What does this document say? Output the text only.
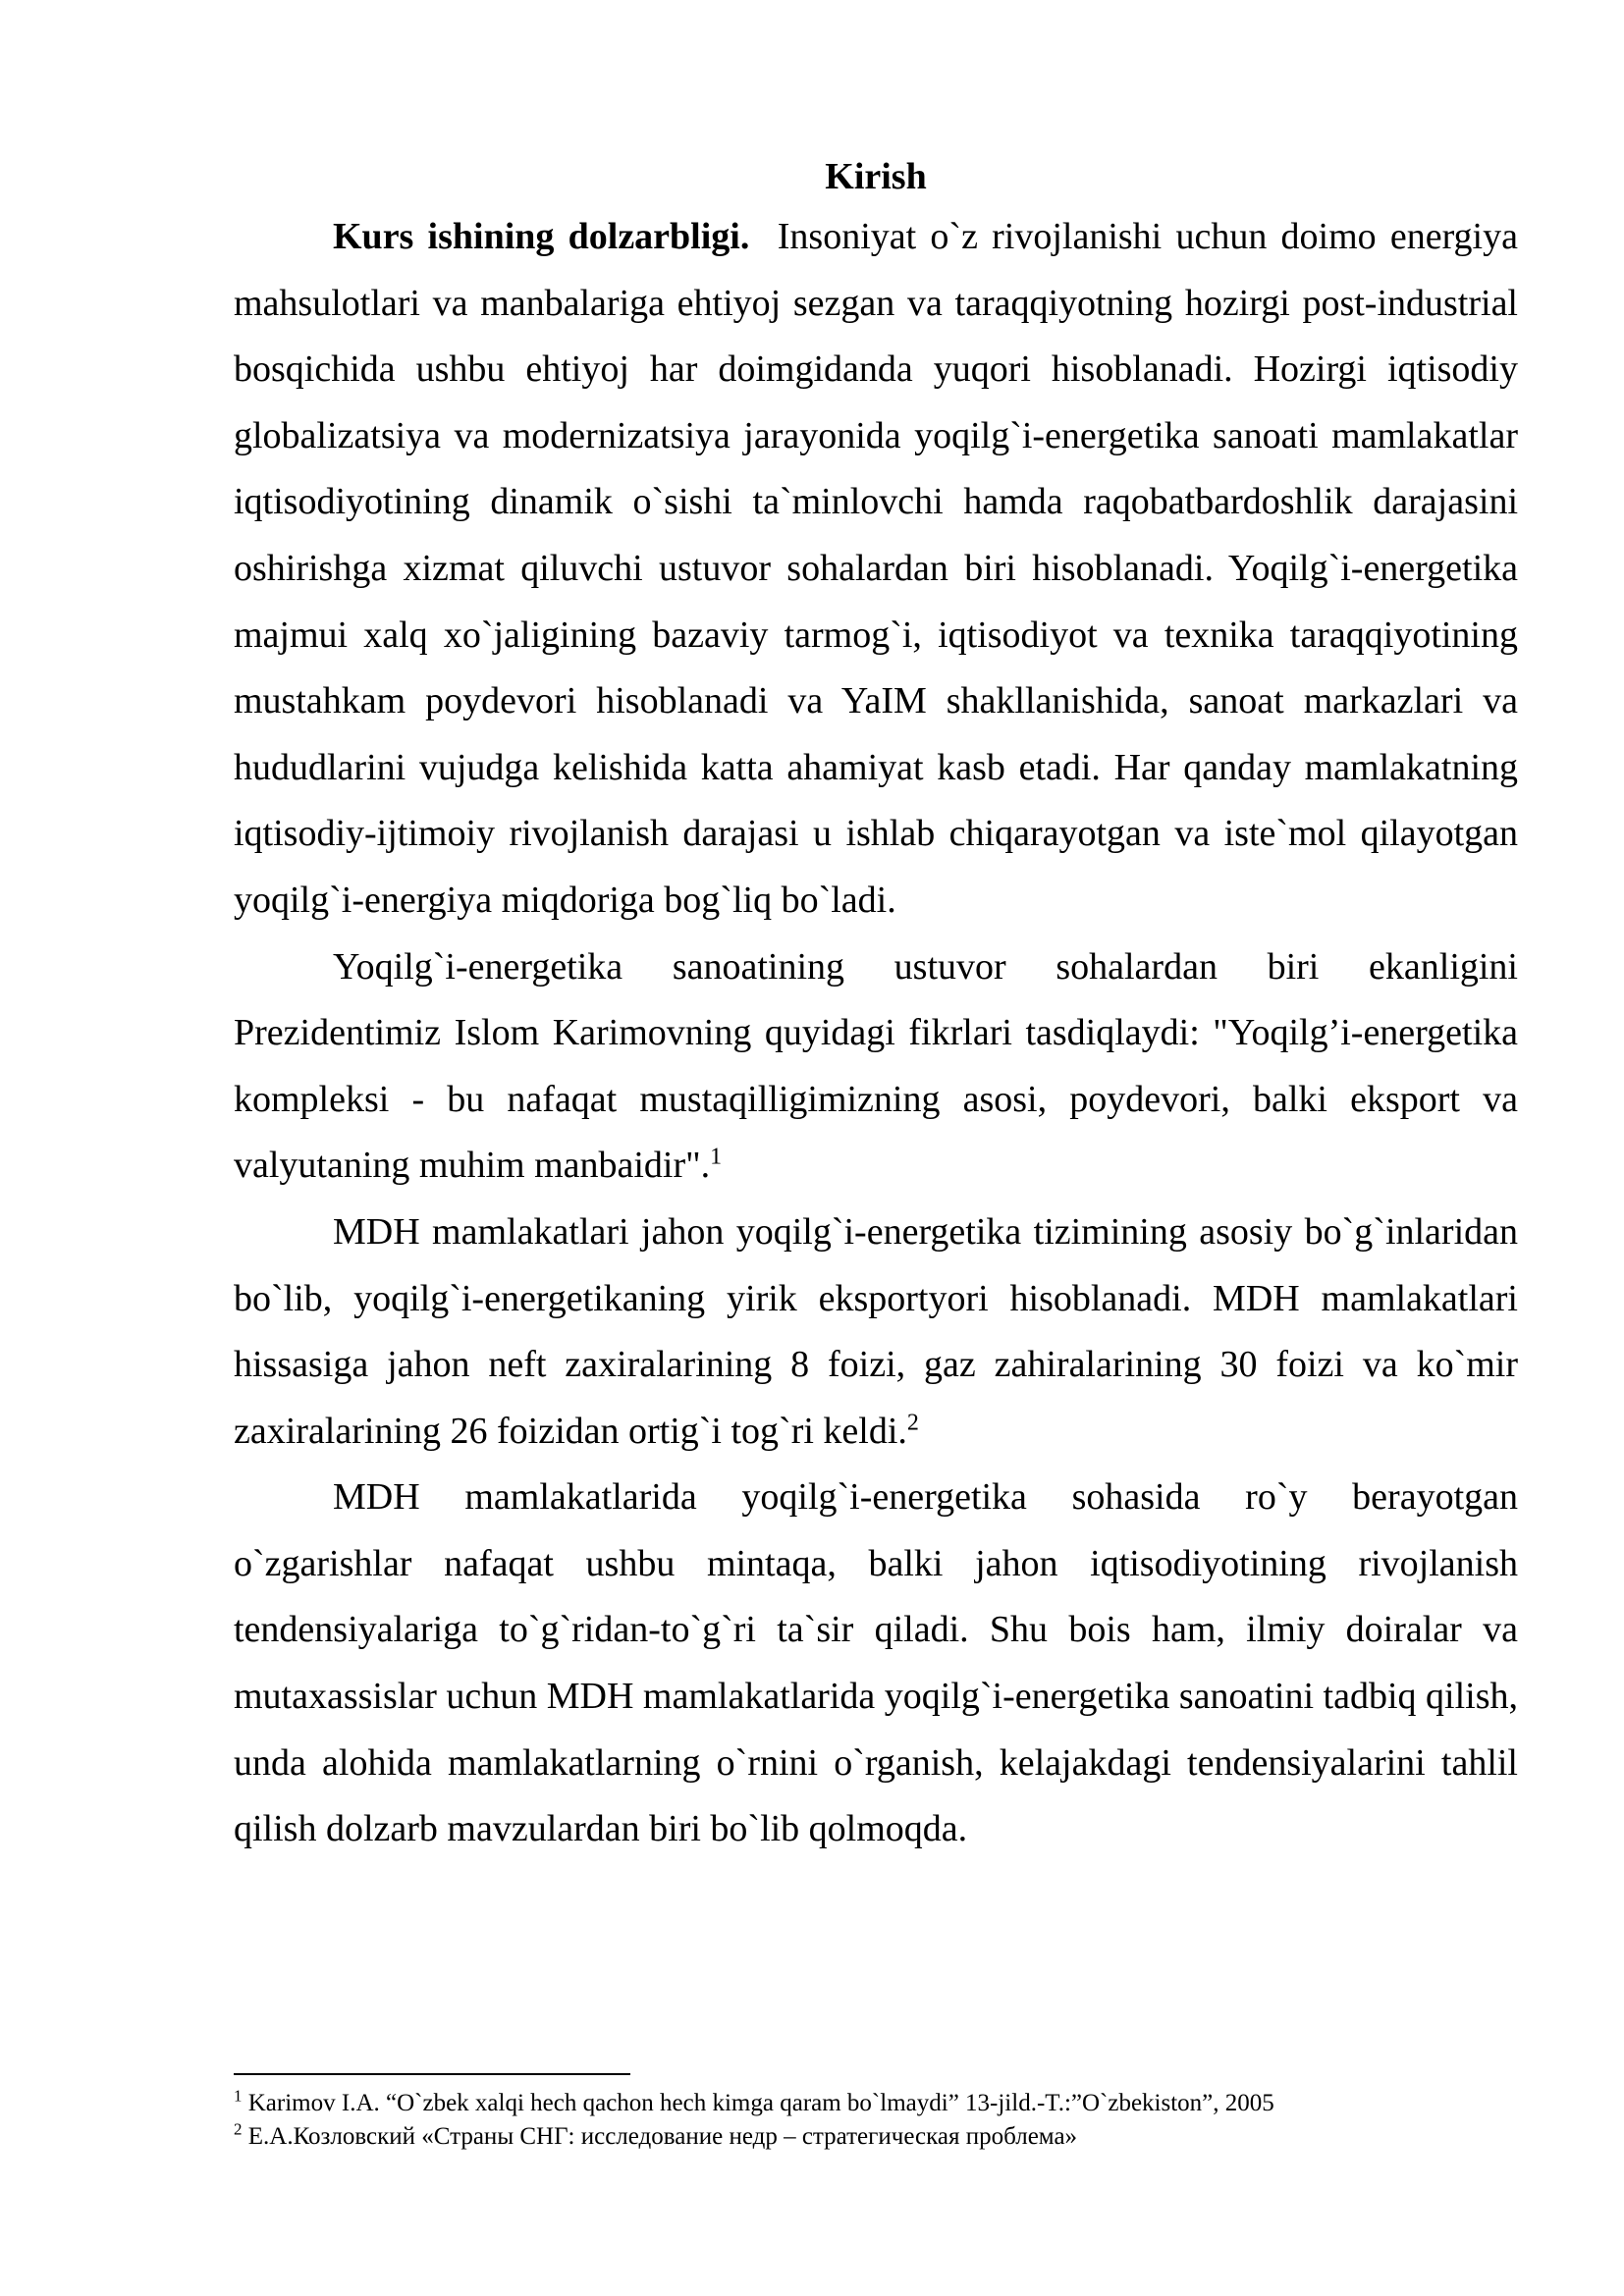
Kirish

Kurs ishining dolzarbligi. Insoniyat o`z rivojlanishi uchun doimo energiya mahsulotlari va manbalariga ehtiyoj sezgan va taraqqiyotning hozirgi post-industrial bosqichida ushbu ehtiyoj har doimgidanda yuqori hisoblanadi. Hozirgi iqtisodiy globalizatsiya va modernizatsiya jarayonida yoqilg`i-energetika sanoati mamlakatlar iqtisodiyotining dinamik o`sishi ta`minlovchi hamda raqobatbardoshlik darajasini oshirishga xizmat qiluvchi ustuvor sohalardan biri hisoblanadi. Yoqilg`i-energetika majmui xalq xo`jaligining bazaviy tarmog`i, iqtisodiyot va texnika taraqqiyotining mustahkam poydevori hisoblanadi va YaIM shakllanishida, sanoat markazlari va hududlarini vujudga kelishida katta ahamiyat kasb etadi. Har qanday mamlakatning iqtisodiy-ijtimoiy rivojlanish darajasi u ishlab chiqarayotgan va iste`mol qilayotgan yoqilg`i-energiya miqdoriga bog`liq bo`ladi.

Yoqilg`i-energetika sanoatining ustuvor sohalardan biri ekanligini Prezidentimiz Islom Karimovning quyidagi fikrlari tasdiqlaydi: "Yoqilg’i-energetika kompleksi - bu nafaqat mustaqilligimizning asosi, poydevori, balki eksport va valyutaning muhim manbaidir".$^1$

MDH mamlakatlari jahon yoqilg`i-energetika tizimining asosiy bo`g`inlaridan bo`lib, yoqilg`i-energetikaning yirik eksportyori hisoblanadi. MDH mamlakatlari hissasiga jahon neft zaxiralarining 8 foizi, gaz zahiralarining 30 foizi va ko`mir zaxiralarining 26 foizidan ortig`i tog`ri keldi.$^2$

MDH mamlakatlarida yoqilg`i-energetika sohasida ro`y berayotgan o`zgarishlar nafaqat ushbu mintaqa, balki jahon iqtisodiyotining rivojlanish tendensiyalariga to`g`ridan-to`g`ri ta`sir qiladi. Shu bois ham, ilmiy doiralar va mutaxassislar uchun MDH mamlakatlarida yoqilg`i-energetika sanoatini tadbiq qilish, unda alohida mamlakatlarning o`rnini o`rganish, kelajakdagi tendensiyalarini tahlil qilish dolzarb mavzulardan biri bo`lib qolmoqda.

$^1$ Karimov I.A. “O`zbek xalqi hech qachon hech kimga qaram bo`lmaydi” 13-jild.-T.:”O`zbekiston”, 2005

$^2$ Е.А.Козловский «Страны СНГ: исследование недр – стратегическая проблема»
